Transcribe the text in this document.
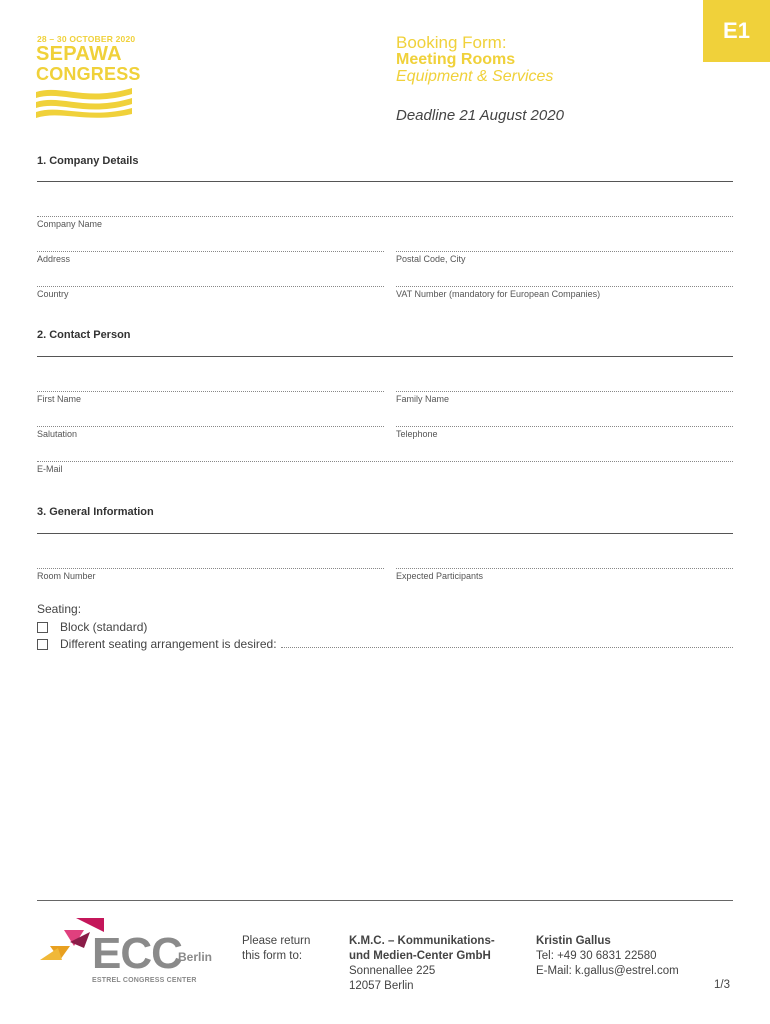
E1
28 – 30 OCTOBER 2020
SEPAWA
CONGRESS
Booking Form:
Meeting Rooms
Equipment & Services
Deadline 21 August 2020
1. Company Details
Company Name
Address	Postal Code, City
Country	VAT Number (mandatory for European Companies)
2. Contact Person
First Name	Family Name
Salutation	Telephone
E-Mail
3. General Information
Room Number	Expected Participants
Seating:
Block (standard)
Different seating arrangement is desired:
ECC
Berlin
ESTREL CONGRESS CENTER
Please return
this form to:
K.M.C. – Kommunikations-
und Medien-Center GmbH
Sonnenallee 225
12057 Berlin
Kristin Gallus
Tel: +49 30 6831 22580
E-Mail: k.gallus@estrel.com
1/3
